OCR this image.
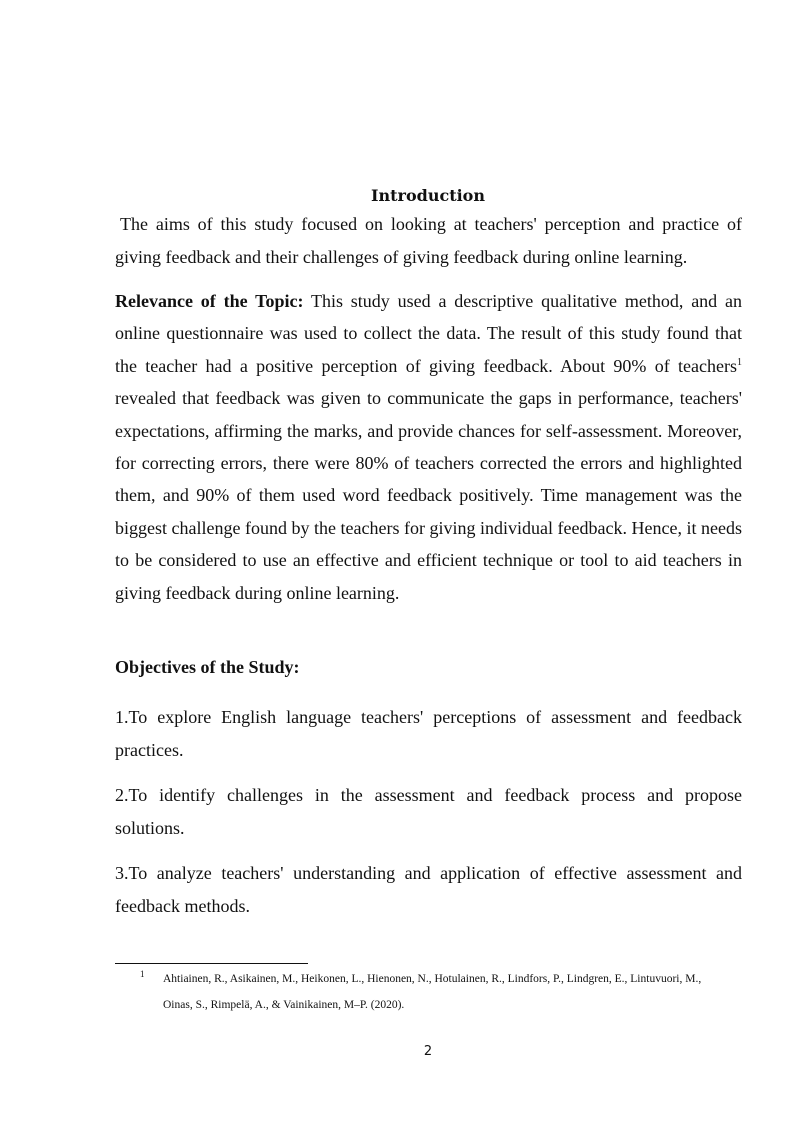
Introduction

The aims of this study focused on looking at teachers' perception and practice of giving feedback and their challenges of giving feedback during online learning.

Relevance of the Topic: This study used a descriptive qualitative method, and an online questionnaire was used to collect the data. The result of this study found that the teacher had a positive perception of giving feedback. About 90% of teachers$^1$ revealed that feedback was given to communicate the gaps in performance, teachers' expectations, affirming the marks, and provide chances for self-assessment. Moreover, for correcting errors, there were 80% of teachers corrected the errors and highlighted them, and 90% of them used word feedback positively. Time management was the biggest challenge found by the teachers for giving individual feedback. Hence, it needs to be considered to use an effective and efficient technique or tool to aid teachers in giving feedback during online learning.

Objectives of the Study:

1.To explore English language teachers' perceptions of assessment and feedback practices.

2.To identify challenges in the assessment and feedback process and propose solutions.

3.To analyze teachers' understanding and application of effective assessment and feedback methods.

1	Ahtiainen, R., Asikainen, M., Heikonen, L., Hienonen, N., Hotulainen, R., Lindfors, P., Lindgren, E., Lintuvuori, M.,
Oinas, S., Rimpelä, A., & Vainikainen, M–P. (2020).
2
